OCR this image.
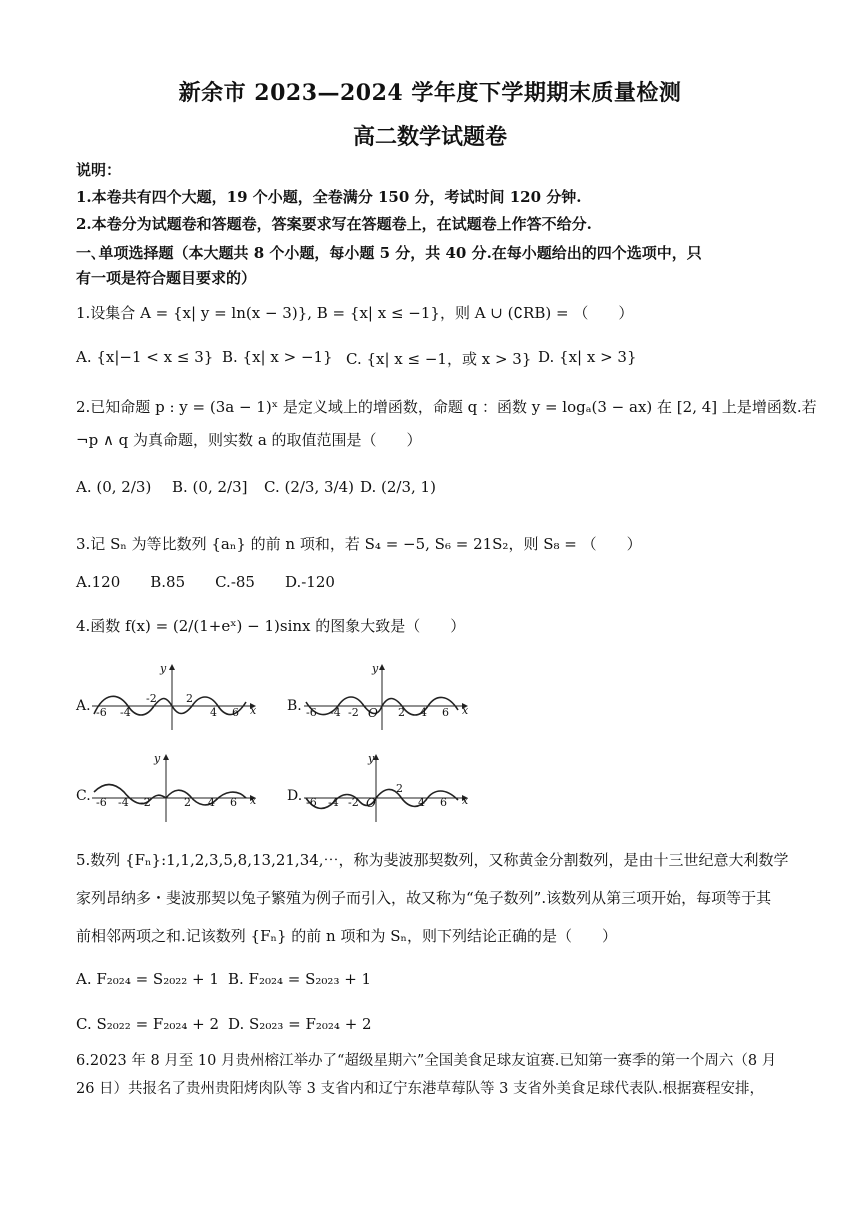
新余市 2023—2024 学年度下学期期末质量检测
高二数学试题卷
说明：
1.本卷共有四个大题，19 个小题，全卷满分 150 分，考试时间 120 分钟.
2.本卷分为试题卷和答题卷，答案要求写在答题卷上，在试题卷上作答不给分.
一､单项选择题（本大题共 8 个小题，每小题 5 分，共 40 分.在每小题给出的四个选项中，只
有一项是符合题目要求的）
1.设集合 A = {x| y = ln(x − 3)}, B = {x| x ≤ −1}，则 A ∪ (∁RB) = （　　）
A. {x|−1 < x ≤ 3} B. {x| x > −1} C. {x| x ≤ −1，或 x > 3} D. {x| x > 3}
2.已知命题 p : y = (3a − 1)ˣ 是定义域上的增函数，命题 q ：函数 y = logₐ(3 − ax) 在 [2, 4] 上是增函数.若
¬p ∧ q 为真命题，则实数 a 的取值范围是（　　）
A. (0, 2/3) B. (0, 2/3] C. (2/3, 3/4) D. (2/3, 1)
3.记 Sₙ 为等比数列 {aₙ} 的前 n 项和，若 S₄ = −5, S₆ = 21S₂，则 S₈ = （　　）
A.120　　B.85　　C.-85　　D.-120
4.函数 f(x) = (2/(1+eˣ) − 1)sinx 的图象大致是（　　）
A. -6 -4
-2	2
4 6 x
y
B. -6 -4 -2 O 2 4 6 x
y
C. -6 -4 -2	2 4 6 x
y
D. -6 -4 -2 O
2
4 6 x
y
5.数列 {Fₙ}:1,1,2,3,5,8,13,21,34,⋯，称为斐波那契数列，又称黄金分割数列，是由十三世纪意大利数学
家列昂纳多・斐波那契以兔子繁殖为例子而引入，故又称为“兔子数列”.该数列从第三项开始，每项等于其
前相邻两项之和.记该数列 {Fₙ} 的前 n 项和为 Sₙ，则下列结论正确的是（　　）
A. F₂₀₂₄ = S₂₀₂₂ + 1 B. F₂₀₂₄ = S₂₀₂₃ + 1
C. S₂₀₂₂ = F₂₀₂₄ + 2 D. S₂₀₂₃ = F₂₀₂₄ + 2
6.2023 年 8 月至 10 月贵州榕江举办了“超级星期六”全国美食足球友谊赛.已知第一赛季的第一个周六（8 月
26 日）共报名了贵州贵阳烤肉队等 3 支省内和辽宁东港草莓队等 3 支省外美食足球代表队.根据赛程安排，
